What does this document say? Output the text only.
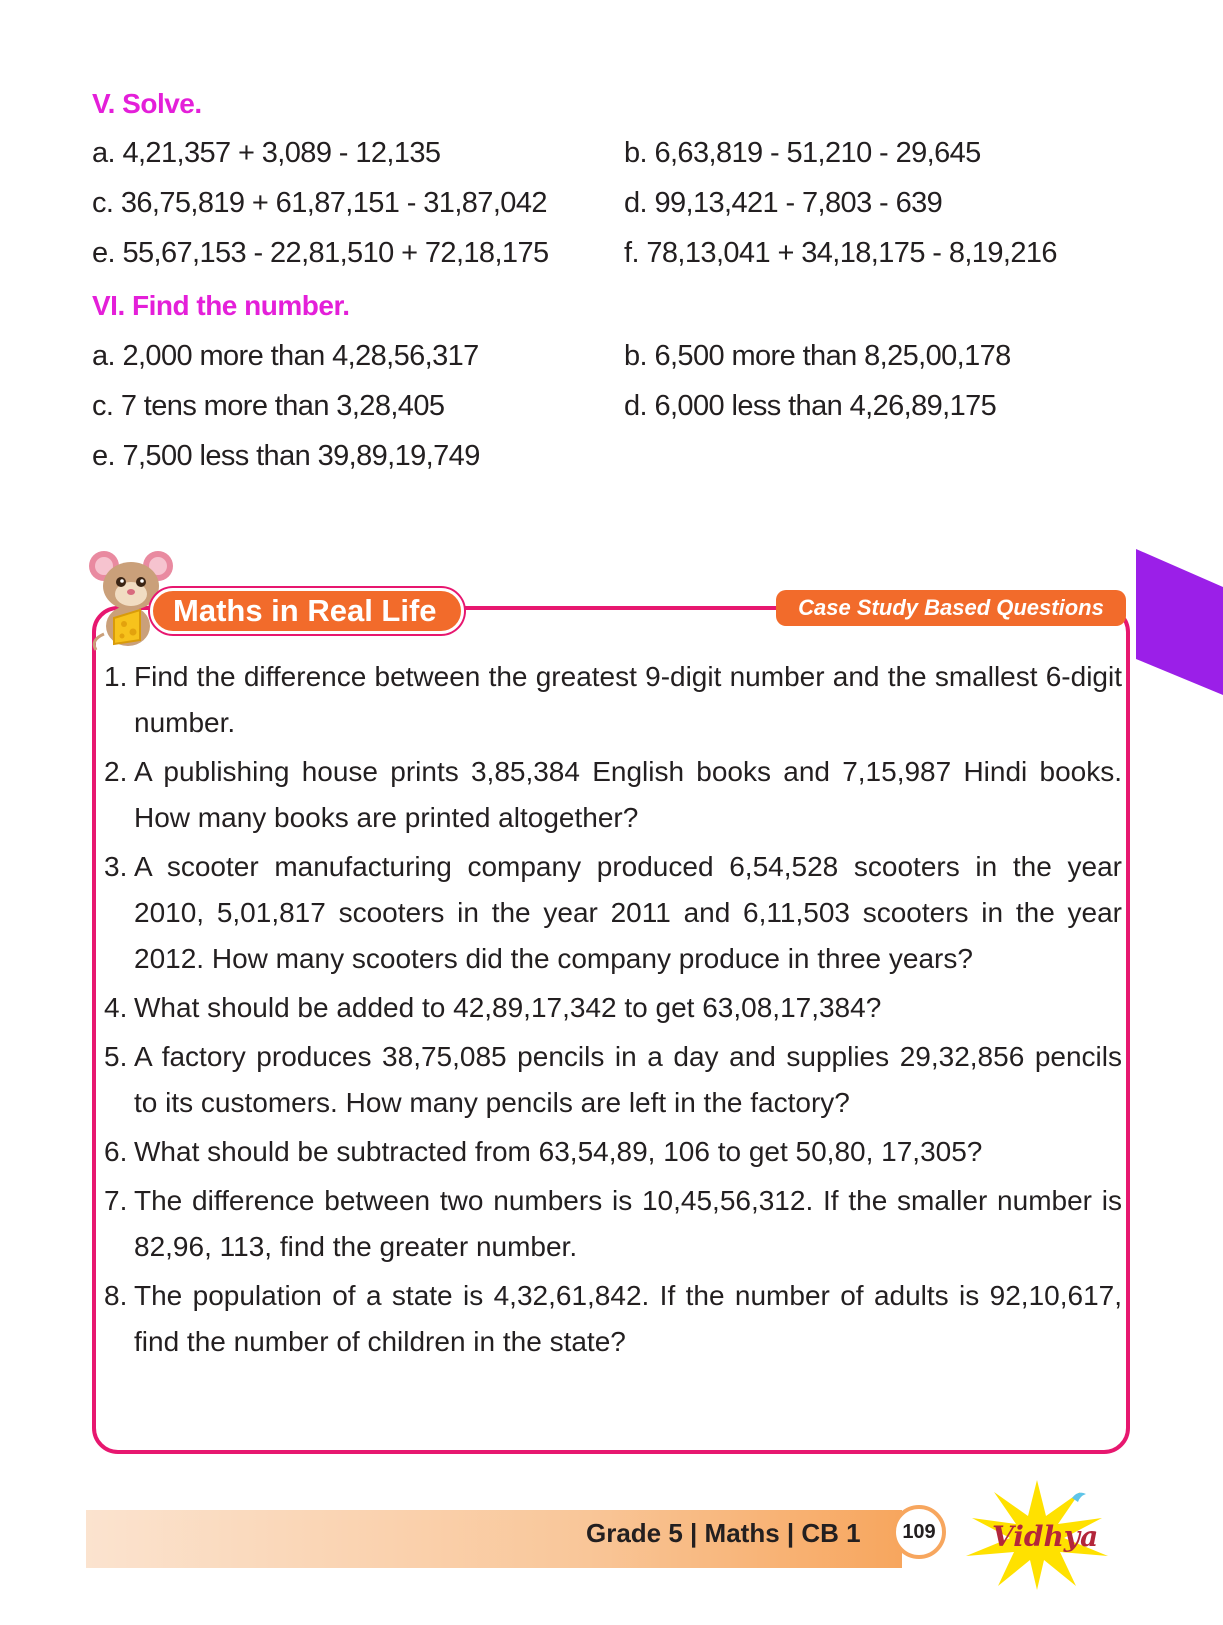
V. Solve.
a. 4,21,357 + 3,089 - 12,135	b. 6,63,819 - 51,210 - 29,645
c. 36,75,819 + 61,87,151 - 31,87,042	d. 99,13,421 - 7,803 - 639
e. 55,67,153 - 22,81,510 + 72,18,175	f. 78,13,041 + 34,18,175 - 8,19,216
VI. Find the number.
a. 2,000 more than 4,28,56,317	b. 6,500 more than 8,25,00,178
c. 7 tens more than 3,28,405	d. 6,000 less than 4,26,89,175
e. 7,500 less than 39,89,19,749
Maths in Real Life	Case Study Based Questions
1. Find the difference between the greatest 9-digit number and the smallest 6-digit number.
2. A publishing house prints 3,85,384 English books and 7,15,987 Hindi books. How many books are printed altogether?
3. A scooter manufacturing company produced 6,54,528 scooters in the year 2010, 5,01,817 scooters in the year 2011 and 6,11,503 scooters in the year 2012. How many scooters did the company produce in three years?
4. What should be added to 42,89,17,342 to get 63,08,17,384?
5. A factory produces 38,75,085 pencils in a day and supplies 29,32,856 pencils to its customers. How many pencils are left in the factory?
6. What should be subtracted from 63,54,89, 106 to get 50,80, 17,305?
7. The difference between two numbers is 10,45,56,312. If the smaller number is 82,96, 113, find the greater number.
8. The population of a state is 4,32,61,842. If the number of adults is 92,10,617, find the number of children in the state?
Grade 5 | Maths | CB 1	109	Vidhya
